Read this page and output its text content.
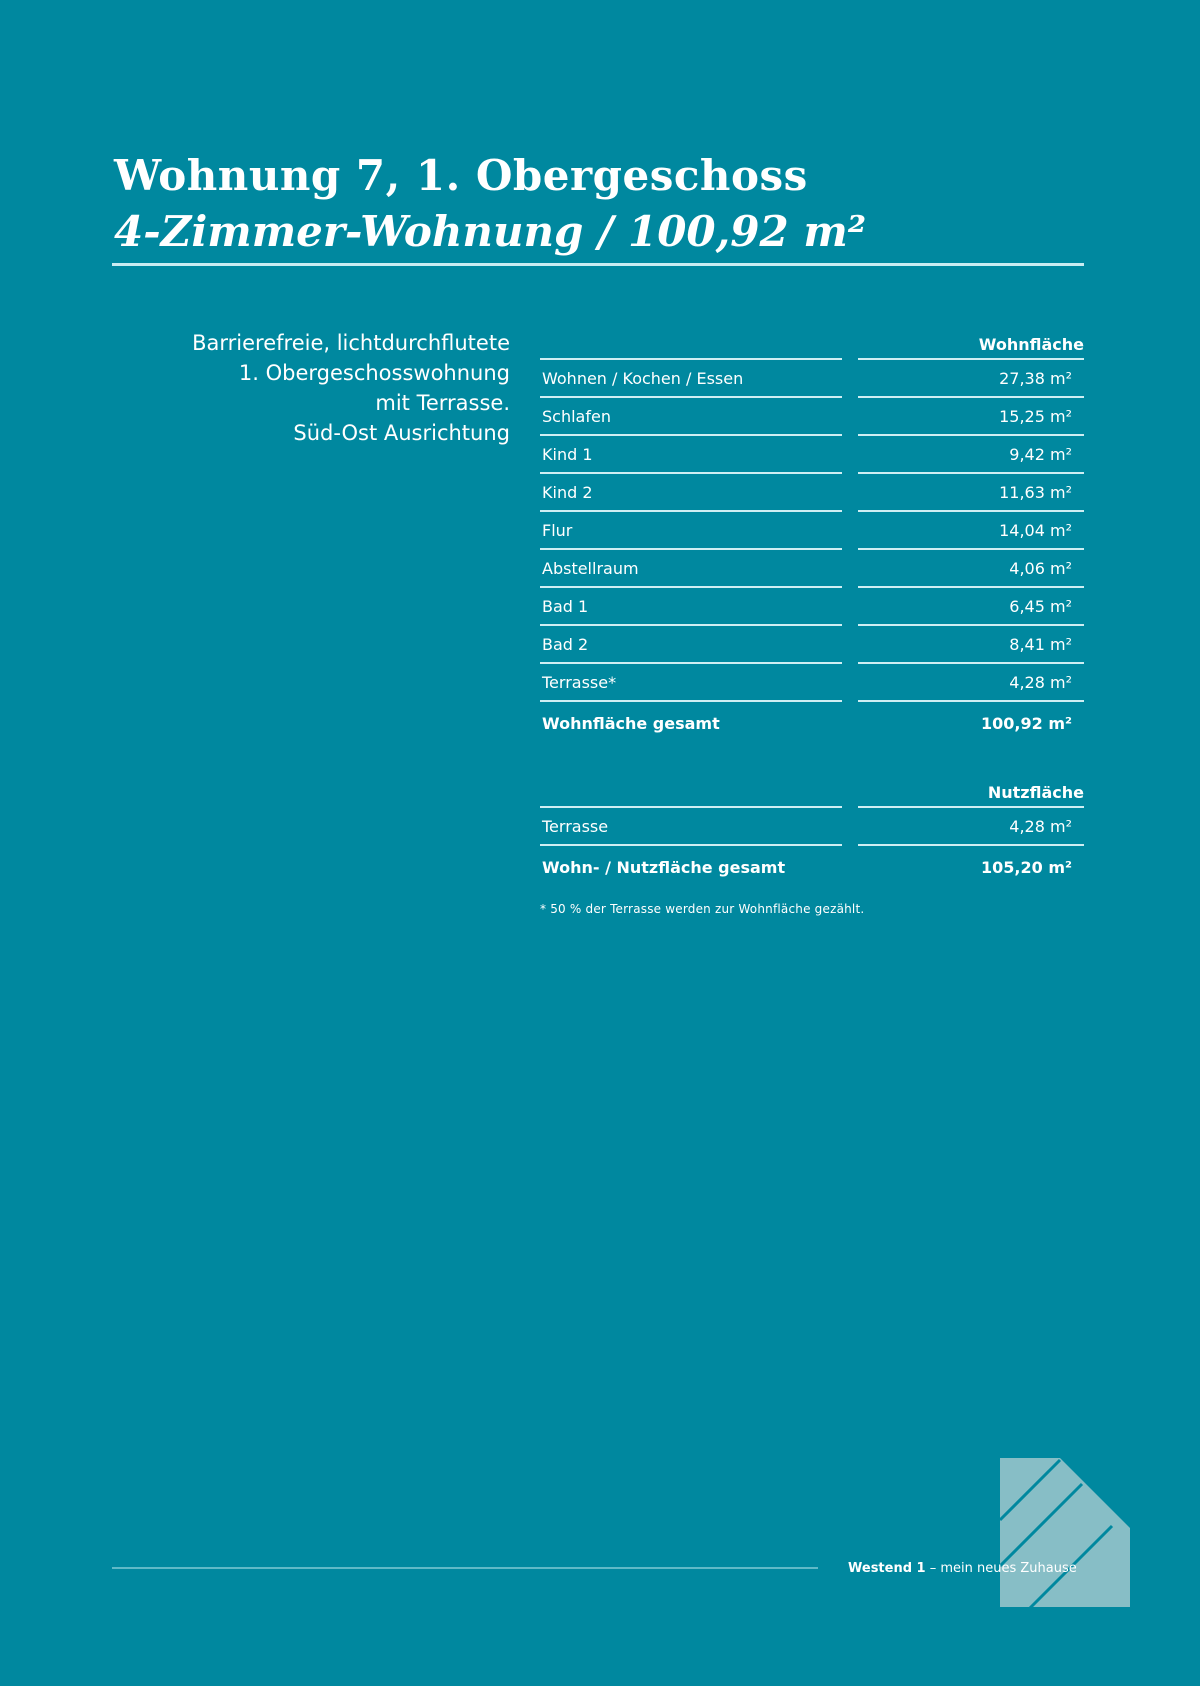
Wohnung 7, 1. Obergeschoss
4-Zimmer-Wohnung / 100,92 m²
Barrierefreie, lichtdurchflutete
1. Obergeschosswohnung
mit Terrasse.
Süd-Ost Ausrichtung
Wohnfläche
Wohnen / Kochen / Essen	27,38 m²
Schlafen	15,25 m²
Kind 1	9,42 m²
Kind 2	11,63 m²
Flur	14,04 m²
Abstellraum	4,06 m²
Bad 1	6,45 m²
Bad 2	8,41 m²
Terrasse*	4,28 m²
Wohnfläche gesamt	100,92 m²
Nutzfläche
Terrasse	4,28 m²
Wohn- / Nutzfläche gesamt	105,20 m²
* 50 % der Terrasse werden zur Wohnfläche gezählt.
Westend 1 – mein neues Zuhause
